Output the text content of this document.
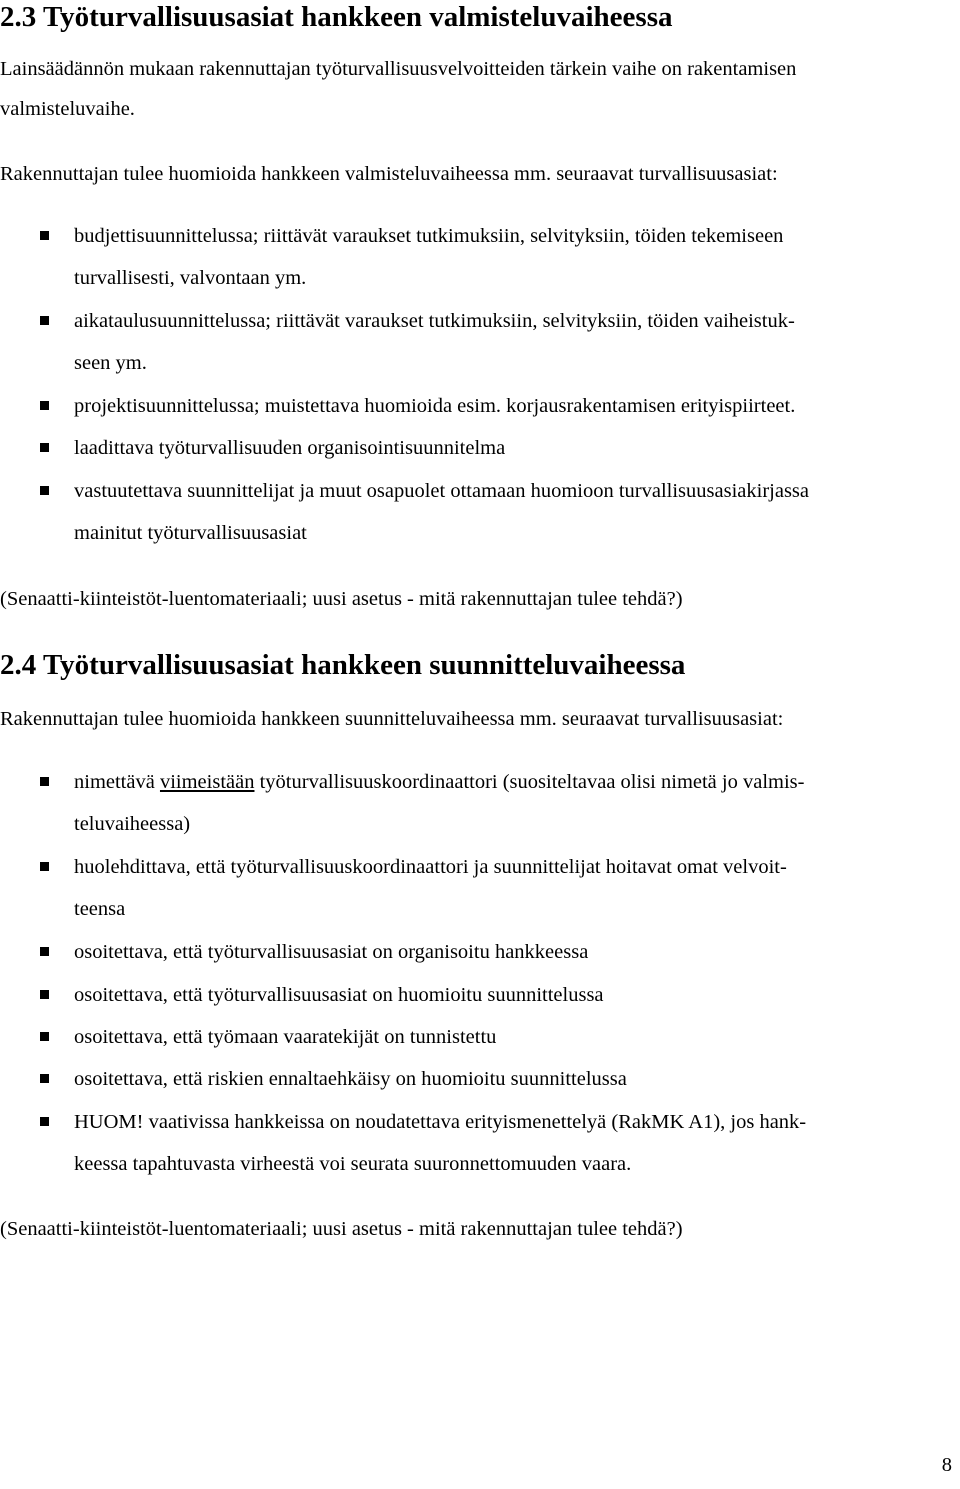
2.3 Työturvallisuusasiat hankkeen valmisteluvaiheessa
Lainsäädännön mukaan rakennuttajan työturvallisuusvelvoitteiden tärkein vaihe on rakentamisen
valmisteluvaihe.
Rakennuttajan tulee huomioida hankkeen valmisteluvaiheessa mm. seuraavat turvallisuusasiat:
budjettisuunnittelussa; riittävät varaukset tutkimuksiin, selvityksiin, töiden tekemiseen
turvallisesti, valvontaan ym.
aikataulusuunnittelussa; riittävät varaukset tutkimuksiin, selvityksiin, töiden vaiheistuk-
seen ym.
projektisuunnittelussa; muistettava huomioida esim. korjausrakentamisen erityispiirteet.
laadittava työturvallisuuden organisointisuunnitelma
vastuutettava suunnittelijat ja muut osapuolet ottamaan huomioon turvallisuusasiakirjassa
mainitut työturvallisuusasiat
(Senaatti-kiinteistöt-luentomateriaali; uusi asetus - mitä rakennuttajan tulee tehdä?)
2.4 Työturvallisuusasiat hankkeen suunnitteluvaiheessa
Rakennuttajan tulee huomioida hankkeen suunnitteluvaiheessa mm. seuraavat turvallisuusasiat:
nimettävä viimeistään työturvallisuuskoordinaattori (suositeltavaa olisi nimetä jo valmis-
teluvaiheessa)
huolehdittava, että työturvallisuuskoordinaattori ja suunnittelijat hoitavat omat velvoit-
teensa
osoitettava, että työturvallisuusasiat on organisoitu hankkeessa
osoitettava, että työturvallisuusasiat on huomioitu suunnittelussa
osoitettava, että työmaan vaaratekijät on tunnistettu
osoitettava, että riskien ennaltaehkäisy on huomioitu suunnittelussa
HUOM! vaativissa hankkeissa on noudatettava erityismenettelyä (RakMK A1), jos hank-
keessa tapahtuvasta virheestä voi seurata suuronnettomuuden vaara.
(Senaatti-kiinteistöt-luentomateriaali; uusi asetus - mitä rakennuttajan tulee tehdä?)
8
